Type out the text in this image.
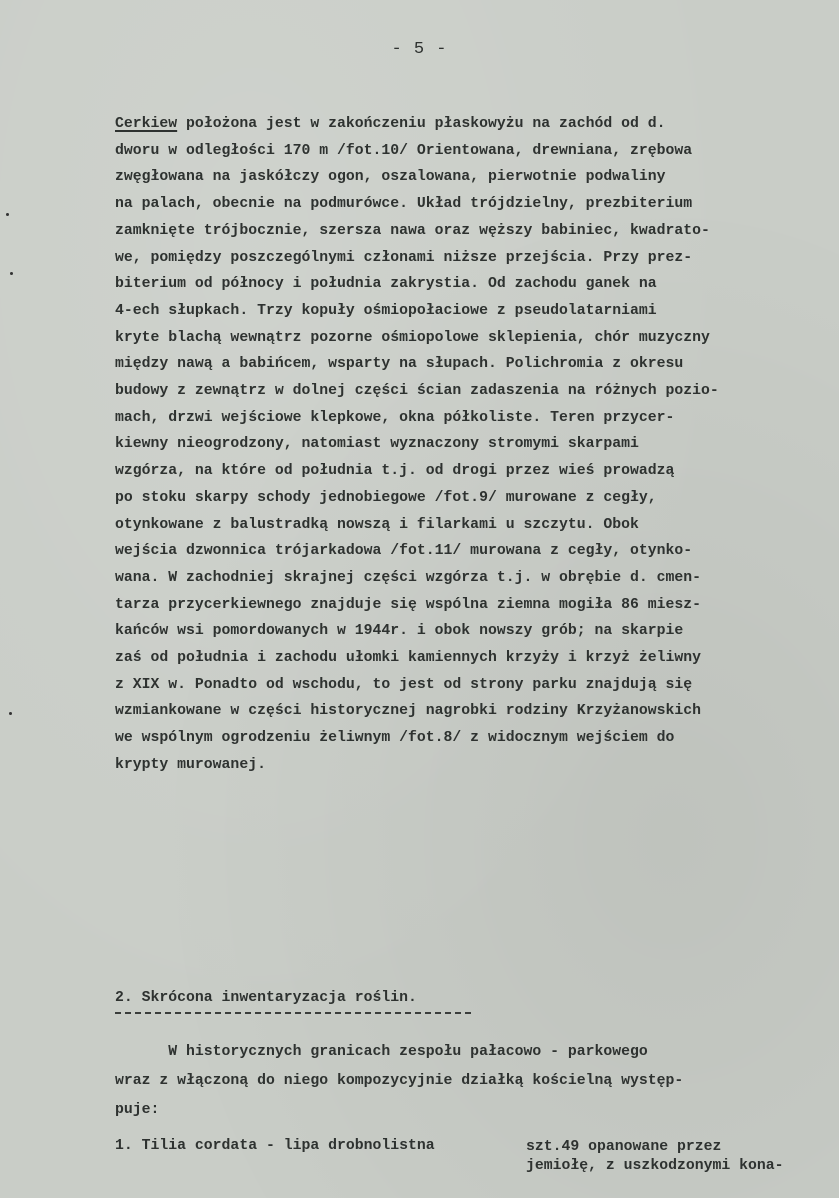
- 5 -
Cerkiew położona jest w zakończeniu płaskowyżu na zachód od d.
dworu w odległości 170 m /fot.10/ Orientowana, drewniana, zrębowa
zwęgłowana na jaskółczy ogon, oszalowana, pierwotnie podwaliny
na palach, obecnie na podmurówce. Układ trójdzielny, prezbiterium
zamknięte trójbocznie, szersza nawa oraz węższy babiniec, kwadrato-
we, pomiędzy poszczególnymi członami niższe przejścia. Przy prez-
biterium od północy i południa zakrystia. Od zachodu ganek na
4-ech słupkach. Trzy kopuły ośmiopołaciowe z pseudolatarniami
kryte blachą wewnątrz pozorne ośmiopolowe sklepienia, chór muzyczny
między nawą a babińcem, wsparty na słupach. Polichromia z okresu
budowy z zewnątrz w dolnej części ścian zadaszenia na różnych pozio-
mach, drzwi wejściowe klepkowe, okna półkoliste. Teren przycer-
kiewny nieogrodzony, natomiast wyznaczony stromymi skarpami
wzgórza, na które od południa t.j. od drogi przez wieś prowadzą
po stoku skarpy schody jednobiegowe /fot.9/ murowane z cegły,
otynkowane z balustradką nowszą i filarkami u szczytu. Obok
wejścia dzwonnica trójarkadowa /fot.11/ murowana z cegły, otynko-
wana. W zachodniej skrajnej części wzgórza t.j. w obrębie d. cmen-
tarza przycerkiewnego znajduje się wspólna ziemna mogiła 86 miesz-
kańców wsi pomordowanych w 1944r. i obok nowszy grób; na skarpie
zaś od południa i zachodu ułomki kamiennych krzyży i krzyż żeliwny
z XIX w. Ponadto od wschodu, to jest od strony parku znajdują się
wzmiankowane w części historycznej nagrobki rodziny Krzyżanowskich
we wspólnym ogrodzeniu żeliwnym /fot.8/ z widocznym wejściem do
krypty murowanej.
2. Skrócona inwentaryzacja roślin.
W historycznych granicach zespołu pałacowo - parkowego
wraz z włączoną do niego kompozycyjnie działką kościelną występ-
puje:
1. Tilia cordata - lipa drobnolistna	szt.49 opanowane przez
jemiołę, z uszkodzonymi kona-
